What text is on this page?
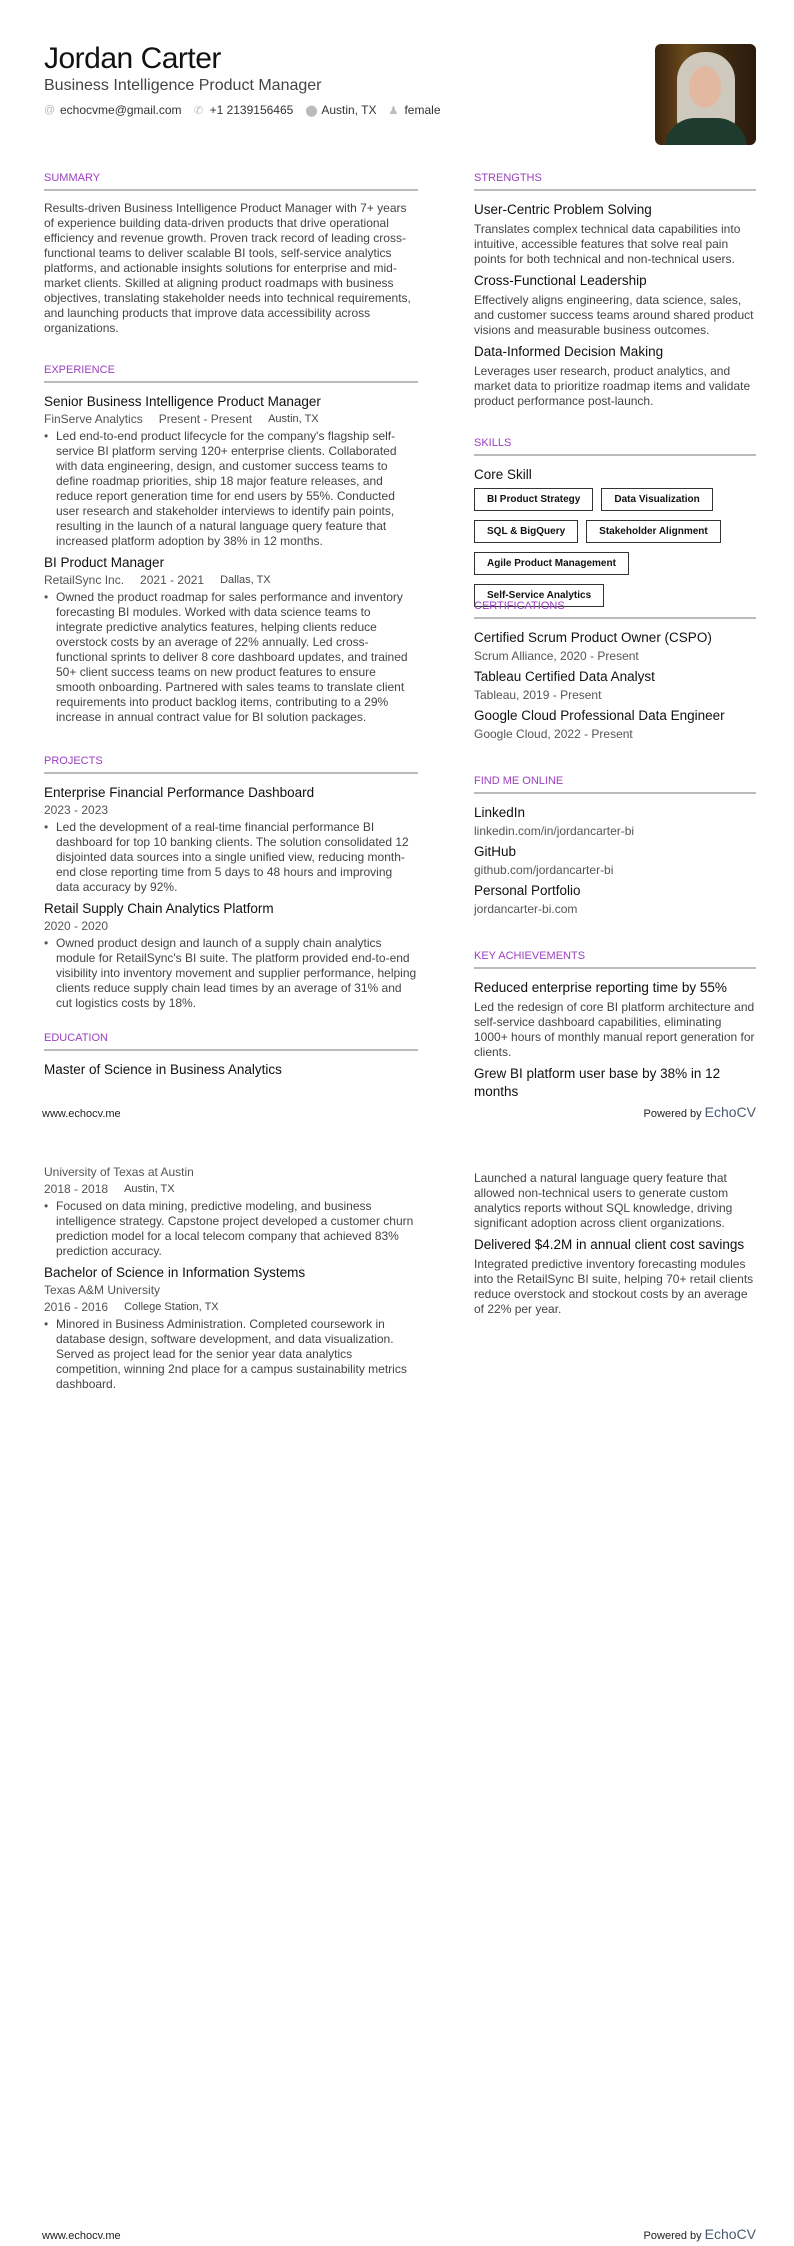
Jordan Carter
Business Intelligence Product Manager
@ echocvme@gmail.com ✆ +1 2139156465 ⬤ Austin, TX ♟ female
SUMMARY
Results-driven Business Intelligence Product Manager with 7+ years of experience building data-driven products that drive operational efficiency and revenue growth. Proven track record of leading cross-functional teams to deliver scalable BI tools, self-service analytics platforms, and actionable insights solutions for enterprise and mid-market clients. Skilled at aligning product roadmaps with business objectives, translating stakeholder needs into technical requirements, and launching products that improve data accessibility across organizations.
EXPERIENCE
Senior Business Intelligence Product Manager
FinServe Analytics Present - Present Austin, TX
• Led end-to-end product lifecycle for the company's flagship self-service BI platform serving 120+ enterprise clients. Collaborated with data engineering, design, and customer success teams to define roadmap priorities, ship 18 major feature releases, and reduce report generation time for end users by 55%. Conducted user research and stakeholder interviews to identify pain points, resulting in the launch of a natural language query feature that increased platform adoption by 38% in 12 months.
BI Product Manager
RetailSync Inc. 2021 - 2021 Dallas, TX
• Owned the product roadmap for sales performance and inventory forecasting BI modules. Worked with data science teams to integrate predictive analytics features, helping clients reduce overstock costs by an average of 22% annually. Led cross-functional sprints to deliver 8 core dashboard updates, and trained 50+ client success teams on new product features to ensure smooth onboarding. Partnered with sales teams to translate client requirements into product backlog items, contributing to a 29% increase in annual contract value for BI solution packages.
PROJECTS
Enterprise Financial Performance Dashboard
2023 - 2023
• Led the development of a real-time financial performance BI dashboard for top 10 banking clients. The solution consolidated 12 disjointed data sources into a single unified view, reducing month-end close reporting time from 5 days to 48 hours and improving data accuracy by 92%.
Retail Supply Chain Analytics Platform
2020 - 2020
• Owned product design and launch of a supply chain analytics module for RetailSync's BI suite. The platform provided end-to-end visibility into inventory movement and supplier performance, helping clients reduce supply chain lead times by an average of 31% and cut logistics costs by 18%.
EDUCATION
Master of Science in Business Analytics
STRENGTHS
User-Centric Problem Solving
Translates complex technical data capabilities into intuitive, accessible features that solve real pain points for both technical and non-technical users.
Cross-Functional Leadership
Effectively aligns engineering, data science, sales, and customer success teams around shared product visions and measurable business outcomes.
Data-Informed Decision Making
Leverages user research, product analytics, and market data to prioritize roadmap items and validate product performance post-launch.
SKILLS
Core Skill
BI Product Strategy	Data Visualization
SQL & BigQuery	Stakeholder Alignment
Agile Product Management
Self-Service Analytics
CERTIFICATIONS
Certified Scrum Product Owner (CSPO)
Scrum Alliance, 2020 - Present
Tableau Certified Data Analyst
Tableau, 2019 - Present
Google Cloud Professional Data Engineer
Google Cloud, 2022 - Present
FIND ME ONLINE
LinkedIn
linkedin.com/in/jordancarter-bi
GitHub
github.com/jordancarter-bi
Personal Portfolio
jordancarter-bi.com
KEY ACHIEVEMENTS
Reduced enterprise reporting time by 55%
Led the redesign of core BI platform architecture and self-service dashboard capabilities, eliminating 1000+ hours of monthly manual report generation for clients.
Grew BI platform user base by 38% in 12 months
www.echocv.me	Powered by EchoCV
University of Texas at Austin
2018 - 2018 Austin, TX
• Focused on data mining, predictive modeling, and business intelligence strategy. Capstone project developed a customer churn prediction model for a local telecom company that achieved 83% prediction accuracy.
Bachelor of Science in Information Systems
Texas A&M University
2016 - 2016 College Station, TX
• Minored in Business Administration. Completed coursework in database design, software development, and data visualization. Served as project lead for the senior year data analytics competition, winning 2nd place for a campus sustainability metrics dashboard.
Launched a natural language query feature that allowed non-technical users to generate custom analytics reports without SQL knowledge, driving significant adoption across client organizations.
Delivered $4.2M in annual client cost savings
Integrated predictive inventory forecasting modules into the RetailSync BI suite, helping 70+ retail clients reduce overstock and stockout costs by an average of 22% per year.
www.echocv.me	Powered by EchoCV
